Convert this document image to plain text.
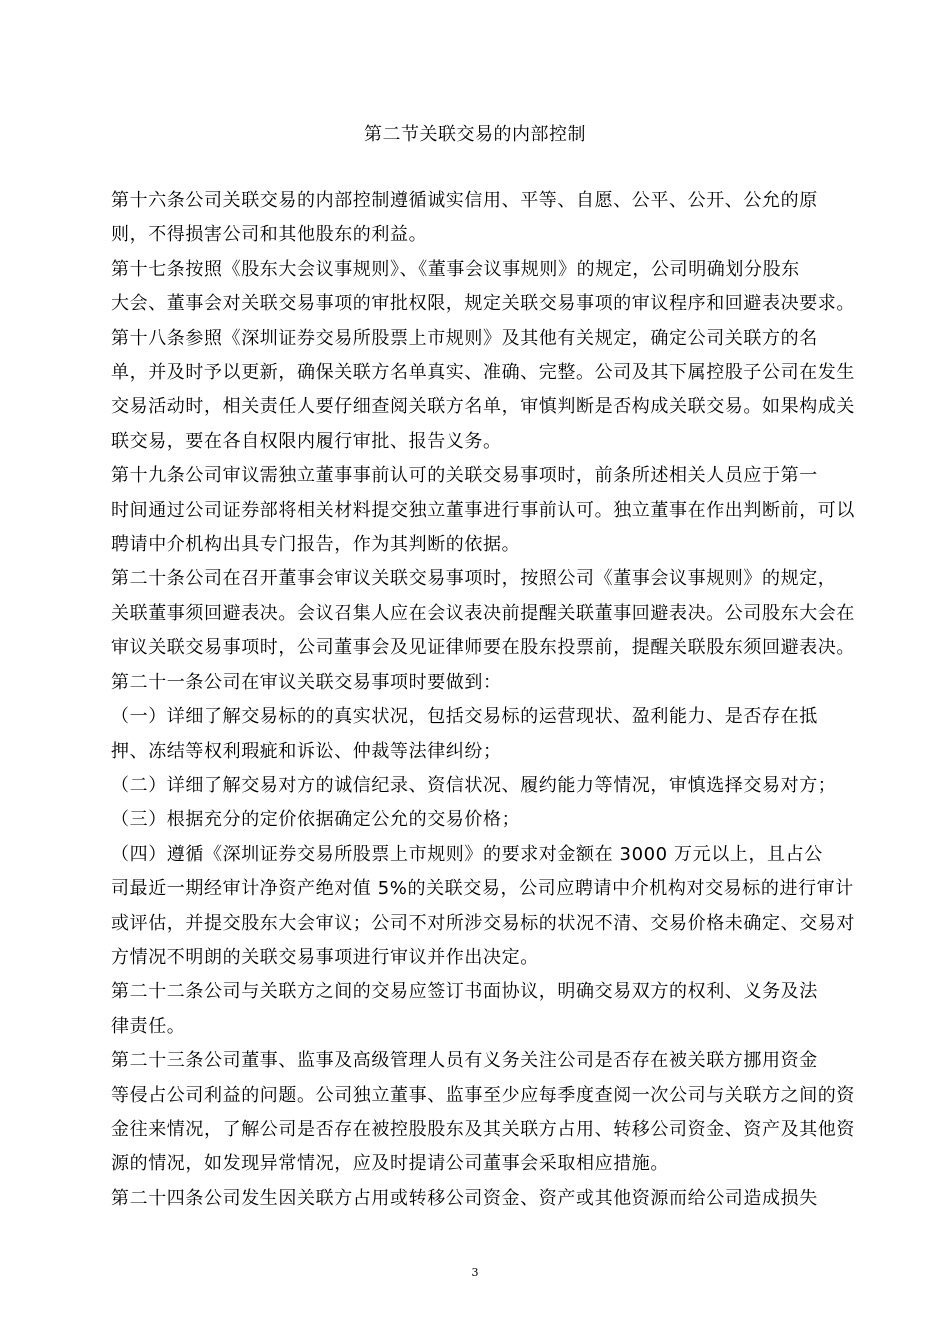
第二节关联交易的内部控制
第十六条公司关联交易的内部控制遵循诚实信用、平等、自愿、公平、公开、公允的原
则，不得损害公司和其他股东的利益。
第十七条按照《股东大会议事规则》、《董事会议事规则》的规定，公司明确划分股东
大会、董事会对关联交易事项的审批权限，规定关联交易事项的审议程序和回避表决要求。
第十八条参照《深圳证券交易所股票上市规则》及其他有关规定，确定公司关联方的名
单，并及时予以更新，确保关联方名单真实、准确、完整。公司及其下属控股子公司在发生
交易活动时，相关责任人要仔细查阅关联方名单，审慎判断是否构成关联交易。如果构成关
联交易，要在各自权限内履行审批、报告义务。
第十九条公司审议需独立董事事前认可的关联交易事项时，前条所述相关人员应于第一
时间通过公司证券部将相关材料提交独立董事进行事前认可。独立董事在作出判断前，可以
聘请中介机构出具专门报告，作为其判断的依据。
第二十条公司在召开董事会审议关联交易事项时，按照公司《董事会议事规则》的规定，
关联董事须回避表决。会议召集人应在会议表决前提醒关联董事回避表决。公司股东大会在
审议关联交易事项时，公司董事会及见证律师要在股东投票前，提醒关联股东须回避表决。
第二十一条公司在审议关联交易事项时要做到：
（一）详细了解交易标的的真实状况，包括交易标的运营现状、盈利能力、是否存在抵
押、冻结等权利瑕疵和诉讼、仲裁等法律纠纷；
（二）详细了解交易对方的诚信纪录、资信状况、履约能力等情况，审慎选择交易对方；
（三）根据充分的定价依据确定公允的交易价格；
（四）遵循《深圳证券交易所股票上市规则》的要求对金额在 3000 万元以上，且占公
司最近一期经审计净资产绝对值 5%的关联交易，公司应聘请中介机构对交易标的进行审计
或评估，并提交股东大会审议；公司不对所涉交易标的状况不清、交易价格未确定、交易对
方情况不明朗的关联交易事项进行审议并作出决定。
第二十二条公司与关联方之间的交易应签订书面协议，明确交易双方的权利、义务及法
律责任。
第二十三条公司董事、监事及高级管理人员有义务关注公司是否存在被关联方挪用资金
等侵占公司利益的问题。公司独立董事、监事至少应每季度查阅一次公司与关联方之间的资
金往来情况，了解公司是否存在被控股股东及其关联方占用、转移公司资金、资产及其他资
源的情况，如发现异常情况，应及时提请公司董事会采取相应措施。
第二十四条公司发生因关联方占用或转移公司资金、资产或其他资源而给公司造成损失
3
